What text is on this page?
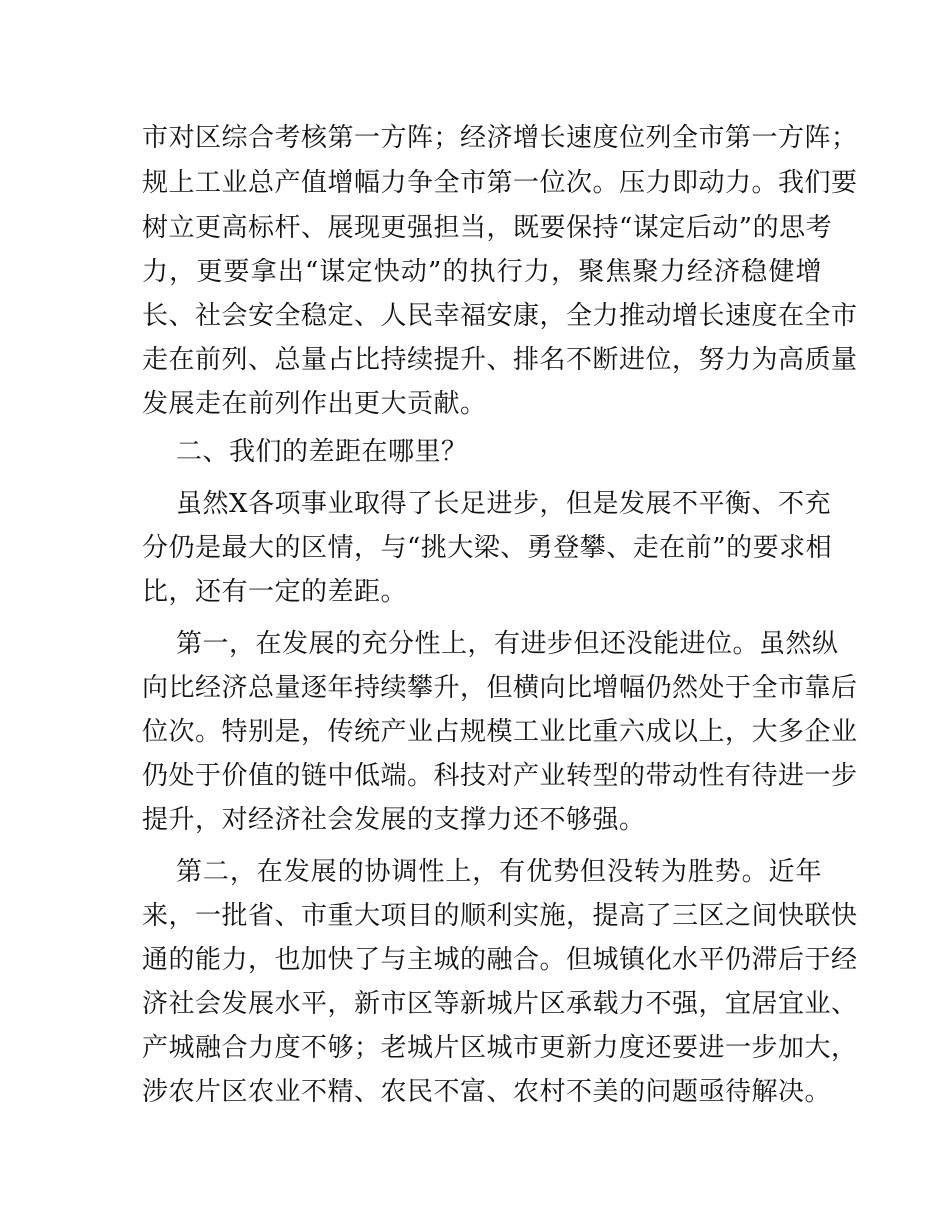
市对区综合考核第一方阵；经济增长速度位列全市第一方阵；
规上工业总产值增幅力争全市第一位次。压力即动力。我们要
树立更高标杆、展现更强担当，既要保持“谋定后动”的思考
力，更要拿出“谋定快动”的执行力，聚焦聚力经济稳健增
长、社会安全稳定、人民幸福安康，全力推动增长速度在全市
走在前列、总量占比持续提升、排名不断进位，努力为高质量
发展走在前列作出更大贡献。
二、我们的差距在哪里？
虽然X各项事业取得了长足进步，但是发展不平衡、不充
分仍是最大的区情，与“挑大梁、勇登攀、走在前”的要求相
比，还有一定的差距。
第一，在发展的充分性上，有进步但还没能进位。虽然纵
向比经济总量逐年持续攀升，但横向比增幅仍然处于全市靠后
位次。特别是，传统产业占规模工业比重六成以上，大多企业
仍处于价值的链中低端。科技对产业转型的带动性有待进一步
提升，对经济社会发展的支撑力还不够强。
第二，在发展的协调性上，有优势但没转为胜势。近年
来，一批省、市重大项目的顺利实施，提高了三区之间快联快
通的能力，也加快了与主城的融合。但城镇化水平仍滞后于经
济社会发展水平，新市区等新城片区承载力不强，宜居宜业、
产城融合力度不够；老城片区城市更新力度还要进一步加大，
涉农片区农业不精、农民不富、农村不美的问题亟待解决。
